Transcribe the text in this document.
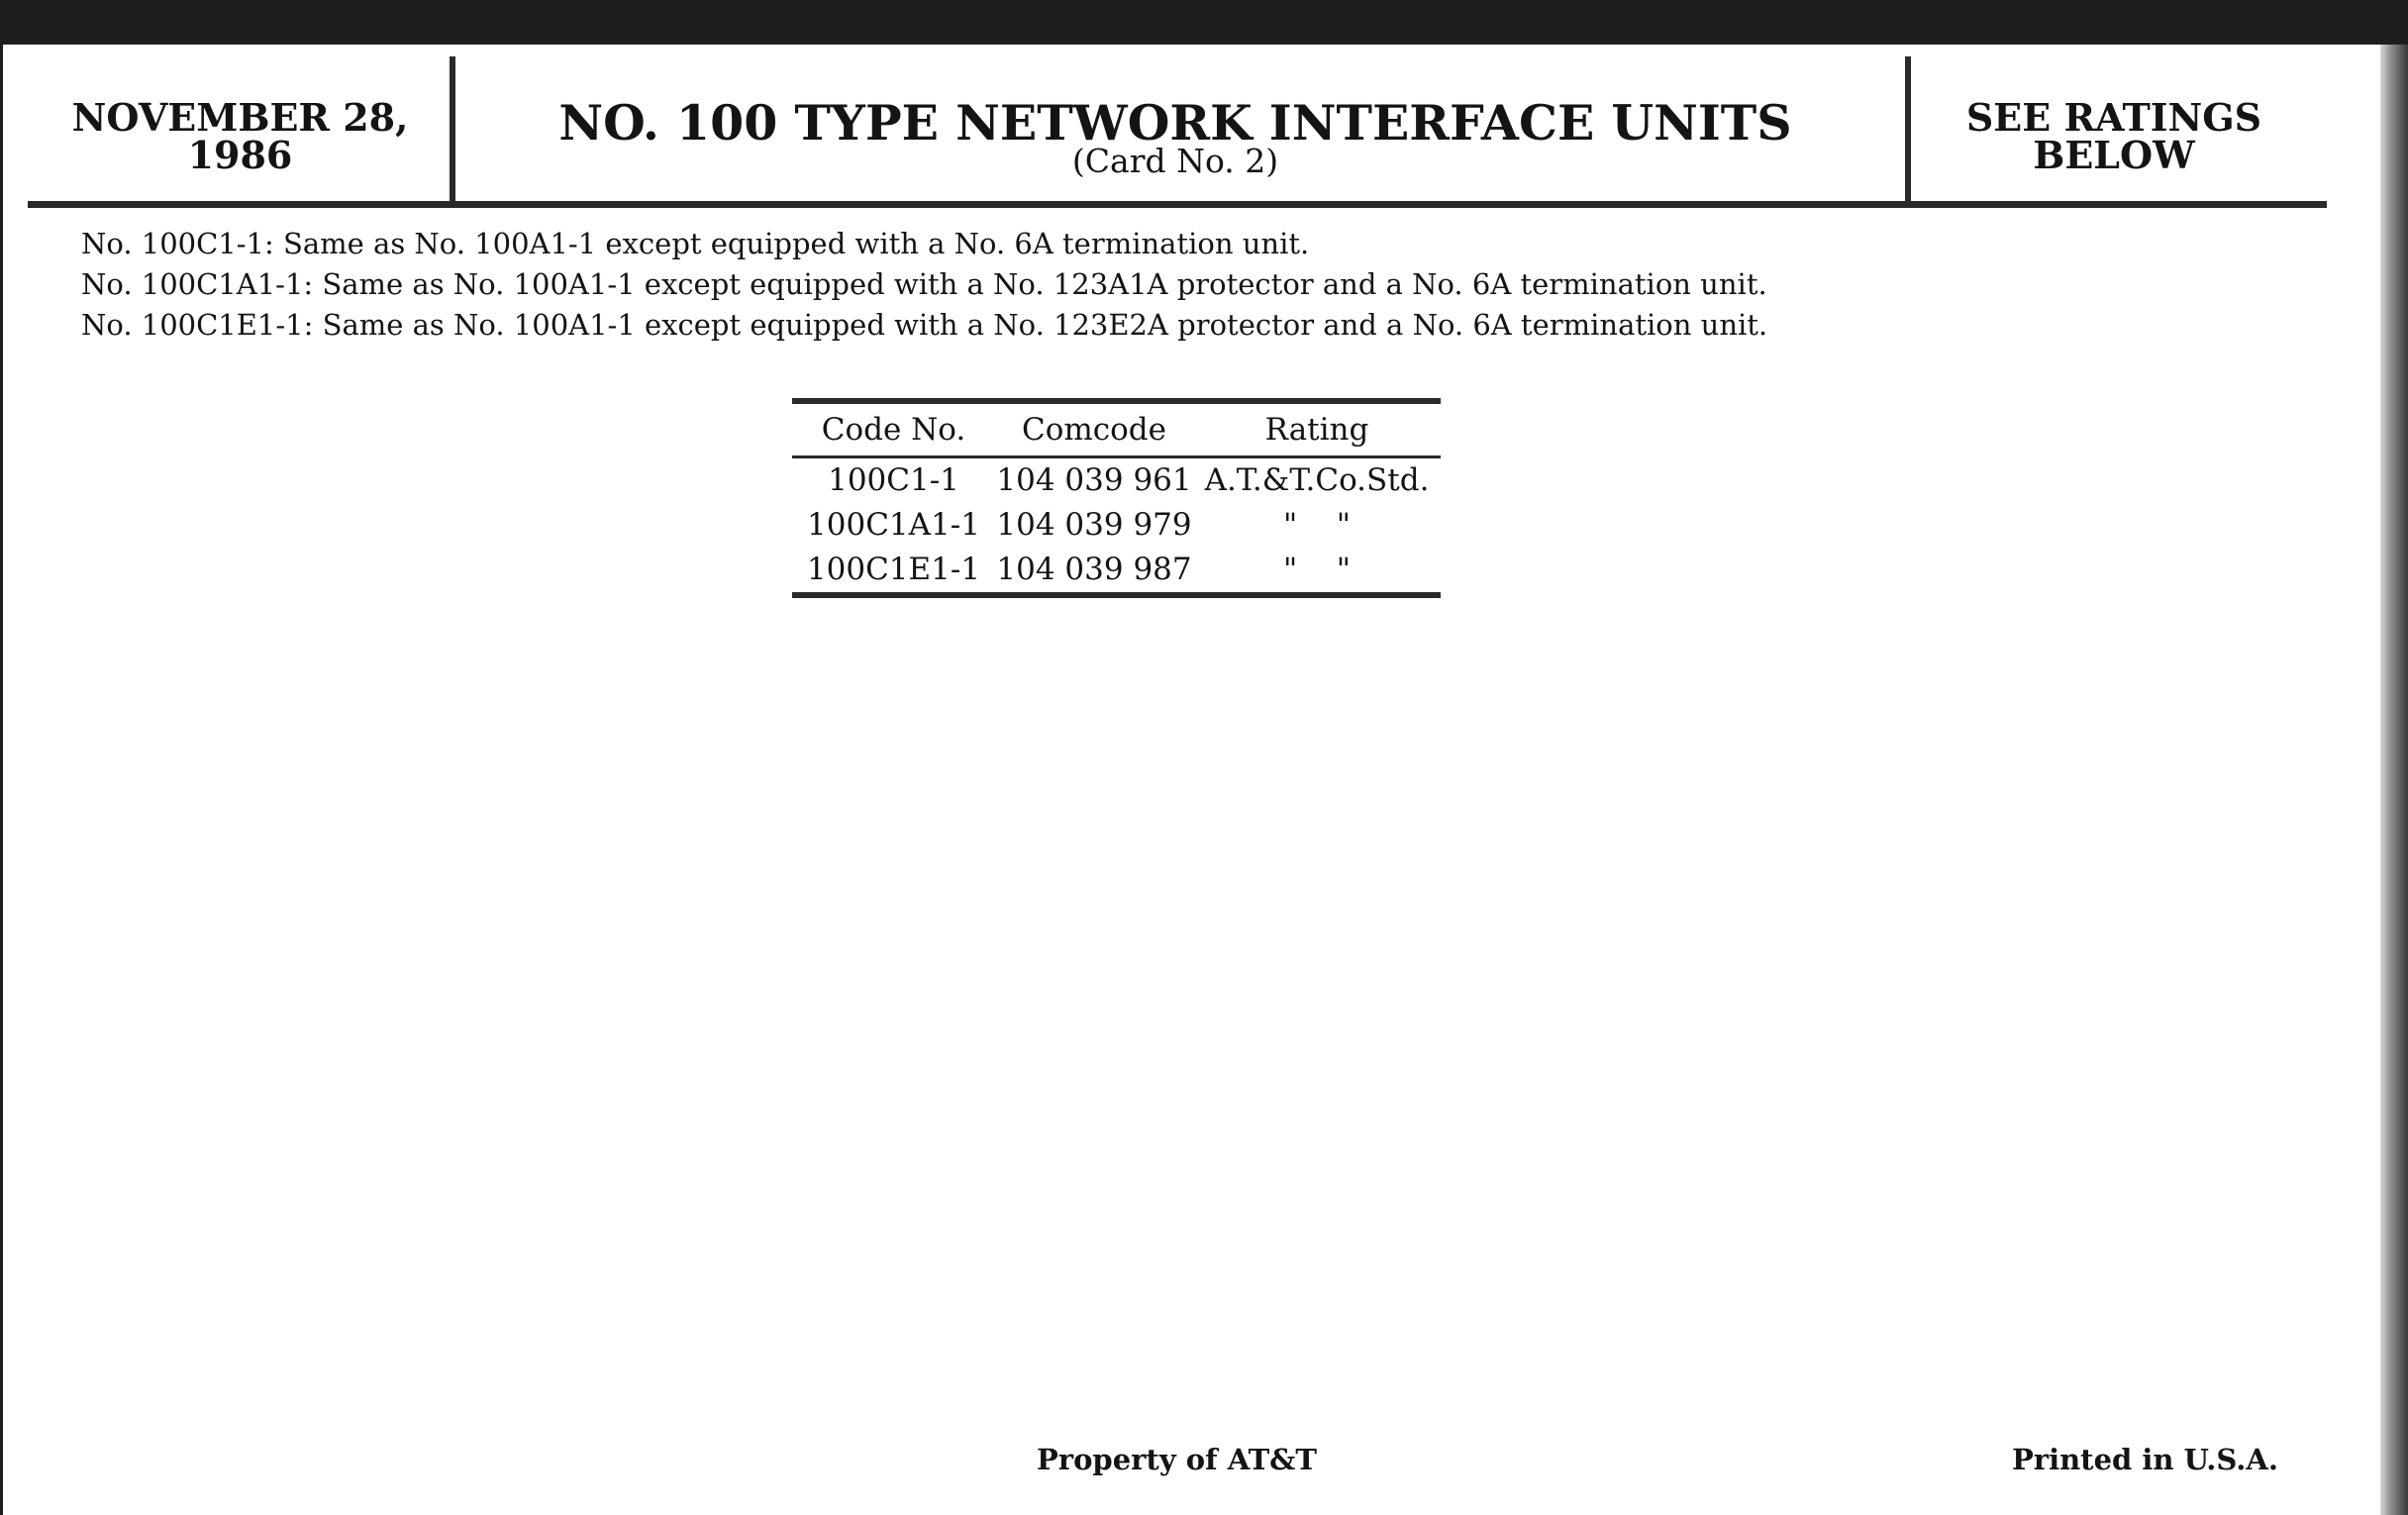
NOVEMBER 28, 1986
NO. 100 TYPE NETWORK INTERFACE UNITS
(Card No. 2)
SEE RATINGS BELOW
No. 100C1-1: Same as No. 100A1-1 except equipped with a No. 6A termination unit.
No. 100C1A1-1: Same as No. 100A1-1 except equipped with a No. 123A1A protector and a No. 6A termination unit.
No. 100C1E1-1: Same as No. 100A1-1 except equipped with a No. 123E2A protector and a No. 6A termination unit.
Code No.	Comcode	Rating
100C1-1	104 039 961 A.T.&T.Co.Std.
100C1A1-1 104 039 979	"    "
100C1E1-1 104 039 987	"    "
Property of AT&T	Printed in U.S.A.
